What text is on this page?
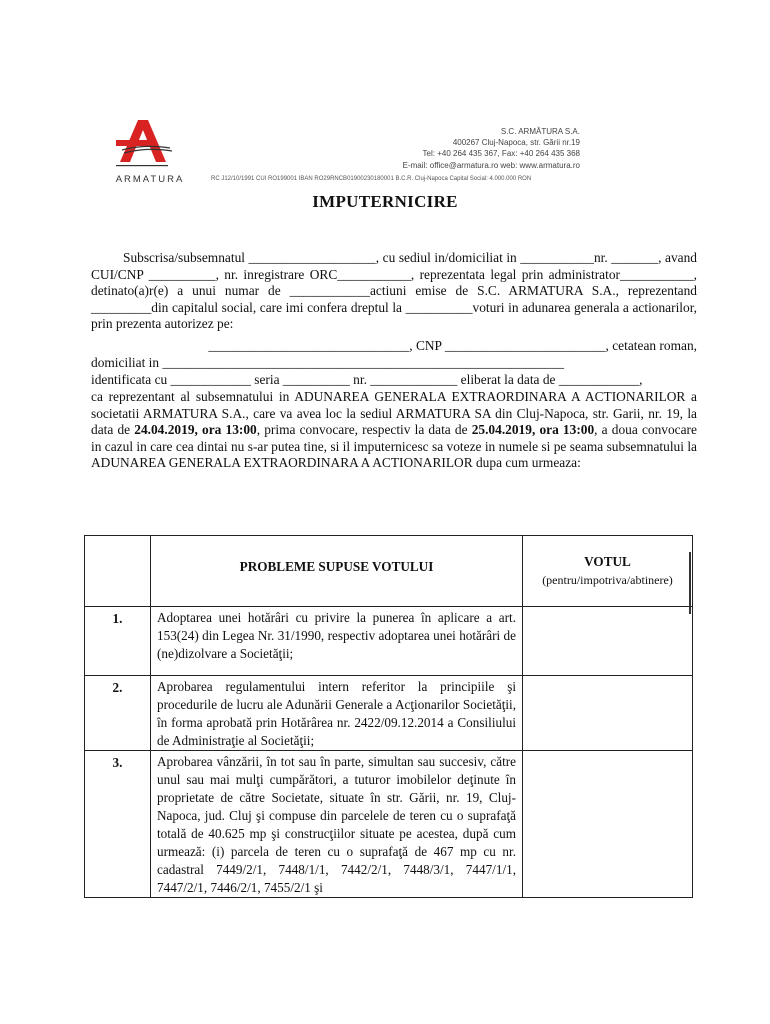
ARMATURA
S.C. ARMĂTURA S.A.
400267 Cluj-Napoca, str. Gării nr.19
Tel: +40 264 435 367, Fax: +40 264 435 368
E-mail: office@armatura.ro web: www.armatura.ro
RC J12/10/1991 CUI RO199001 IBAN RO29RNCB01900230180001 B.C.R. Cluj-Napoca Capital Social: 4.000.000 RON
IMPUTERNICIRE
Subscrisa/subsemnatul ___________________, cu sediul in/domiciliat in ___________nr. _______, avand CUI/CNP __________, nr. inregistrare ORC___________, reprezentata legal prin administrator___________, detinato(a)r(e) a unui numar de ____________actiuni emise de S.C. ARMATURA S.A., reprezentand _________din capitalul social, care imi confera dreptul la __________voturi in adunarea generala a actionarilor, prin prezenta autorizez pe:
______________________________, CNP ________________________, cetatean roman,
domiciliat in ____________________________________________________________
identificata cu ____________ seria __________ nr. _____________ eliberat la data de ____________,
ca reprezentant al subsemnatului in ADUNAREA GENERALA EXTRAORDINARA A ACTIONARILOR a societatii ARMATURA S.A., care va avea loc la sediul ARMATURA SA din Cluj-Napoca, str. Garii, nr. 19, la data de 24.04.2019, ora 13:00, prima convocare, respectiv la data de 25.04.2019, ora 13:00, a doua convocare in cazul in care cea dintai nu s-ar putea tine, si il imputernicesc sa voteze in numele si pe seama subsemnatului la ADUNAREA GENERALA EXTRAORDINARA A ACTIONARILOR dupa cum urmeaza:
	PROBLEME SUPUSE VOTULUI	VOTUL
(pentru/impotriva/abtinere)

1.	Adoptarea unei hotărâri cu privire la punerea în aplicare a art. 153(24) din Legea Nr. 31/1990, respectiv adoptarea unei hotărâri de (ne)dizolvare a Societăţii;	
2.	Aprobarea regulamentului intern referitor la principiile şi procedurile de lucru ale Adunării Generale a Acţionarilor Societăţii, în forma aprobată prin Hotărârea nr. 2422/09.12.2014 a Consiliului de Administraţie al Societăţii;	
3.	Aprobarea vânzării, în tot sau în parte, simultan sau succesiv, către unul sau mai mulţi cumpărători, a tuturor imobilelor deţinute în proprietate de către Societate, situate în str. Gării, nr. 19, Cluj-Napoca, jud. Cluj şi compuse din parcelele de teren cu o suprafaţă totală de 40.625 mp şi construcţiilor situate pe acestea, după cum urmează: (i) parcela de teren cu o suprafaţă de 467 mp cu nr. cadastral 7449/2/1, 7448/1/1, 7442/2/1, 7448/3/1, 7447/1/1, 7447/2/1, 7446/2/1, 7455/2/1 şi	
